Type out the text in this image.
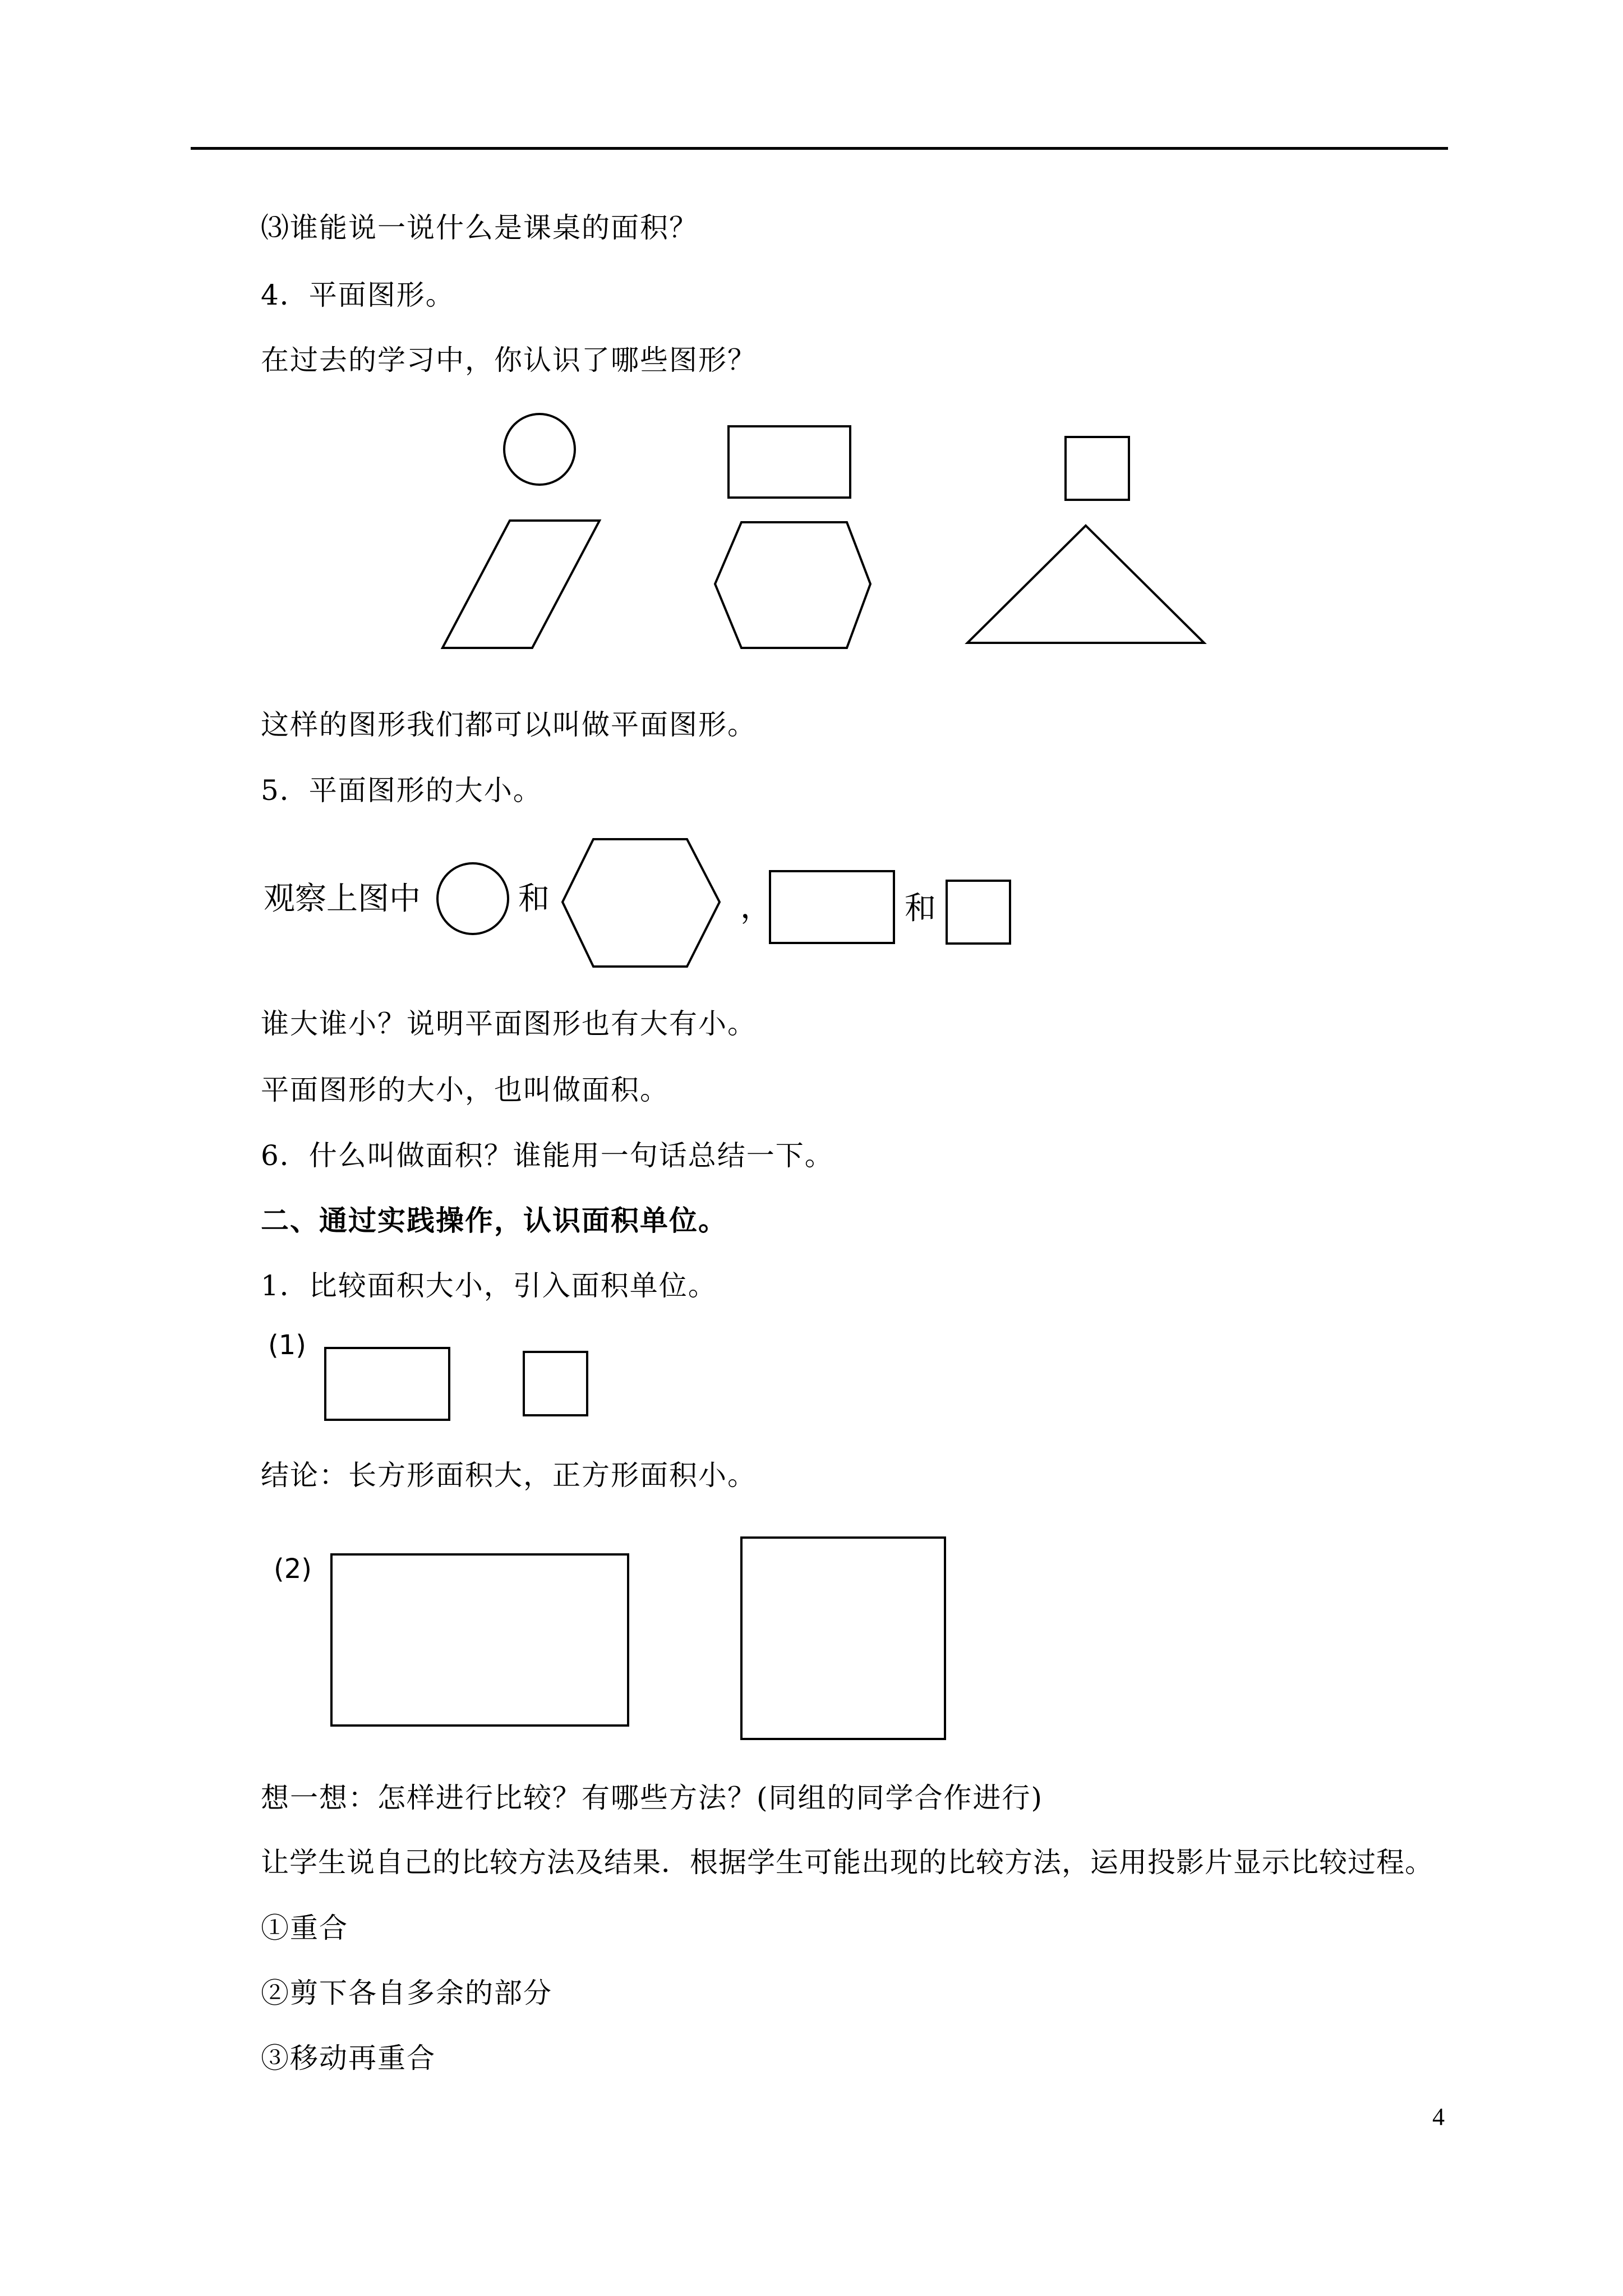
⑶谁能说一说什么是课桌的面积？
4．平面图形。
在过去的学习中，你认识了哪些图形？
这样的图形我们都可以叫做平面图形。
5．平面图形的大小。
观察上图中	和	，	和
谁大谁小？说明平面图形也有大有小。
平面图形的大小，也叫做面积。
6．什么叫做面积？谁能用一句话总结一下。
二、通过实践操作，认识面积单位。
1．比较面积大小，引入面积单位。
(1)
结论：长方形面积大，正方形面积小。
(2)
想一想：怎样进行比较？有哪些方法？(同组的同学合作进行)
让学生说自己的比较方法及结果．根据学生可能出现的比较方法，运用投影片显示比较过程。
①重合
②剪下各自多余的部分
③移动再重合
4
